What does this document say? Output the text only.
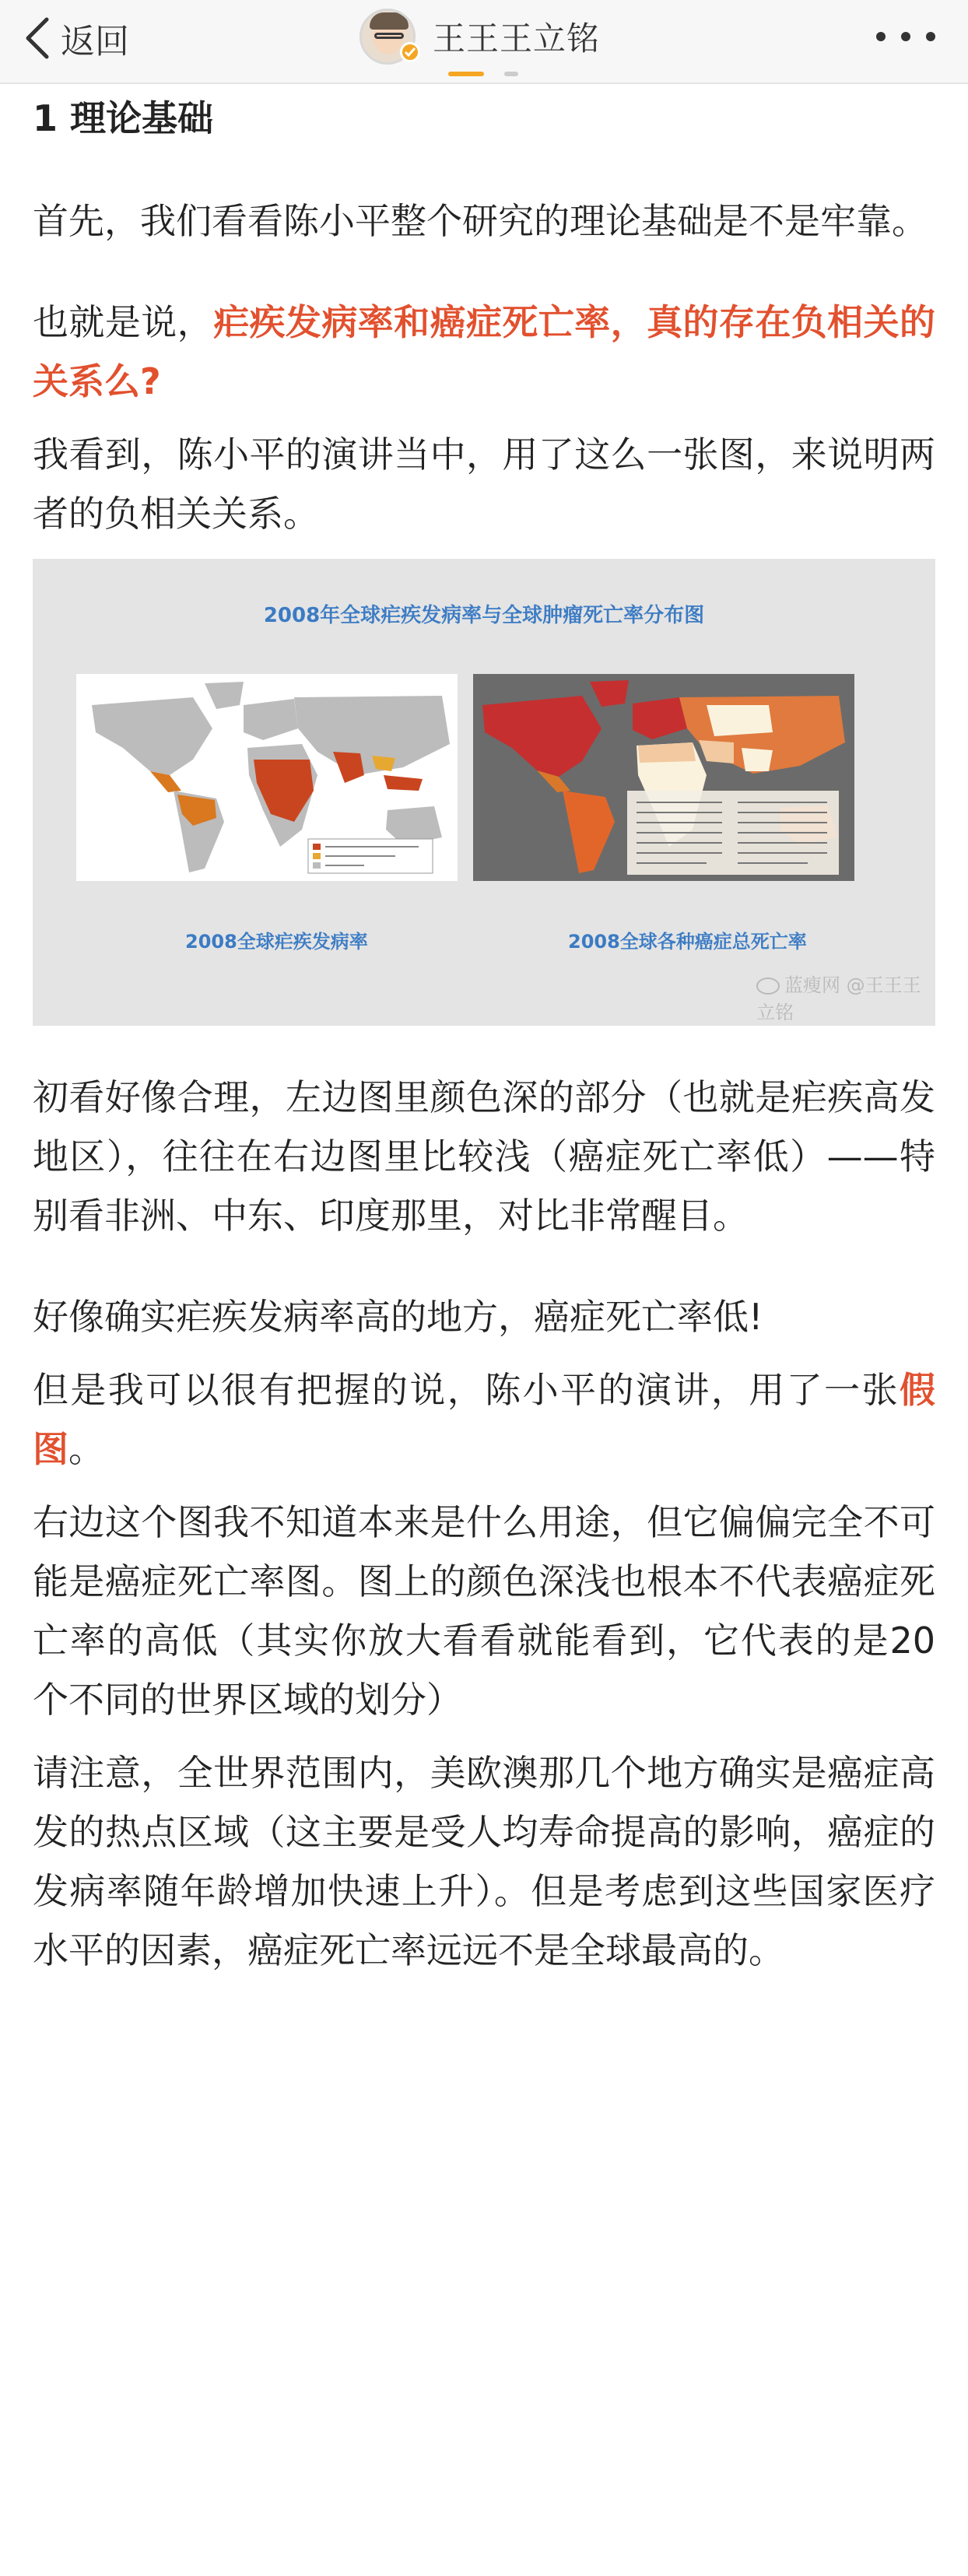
返回	王王王立铭
1 理论基础

首先，我们看看陈小平整个研究的理论基础是不是牢靠。

也就是说，疟疾发病率和癌症死亡率，真的存在负相关的关系么?

我看到，陈小平的演讲当中，用了这么一张图，来说明两者的负相关关系。

2008年全球疟疾发病率与全球肿瘤死亡率分布图
2008全球疟疾发病率	2008全球各种癌症总死亡率
蓝瘦网 @王王王立铭

初看好像合理，左边图里颜色深的部分（也就是疟疾高发地区），往往在右边图里比较浅（癌症死亡率低）——特别看非洲、中东、印度那里，对比非常醒目。

好像确实疟疾发病率高的地方，癌症死亡率低!

但是我可以很有把握的说，陈小平的演讲，用了一张假图。

右边这个图我不知道本来是什么用途，但它偏偏完全不可能是癌症死亡率图。图上的颜色深浅也根本不代表癌症死亡率的高低（其实你放大看看就能看到，它代表的是20个不同的世界区域的划分）

请注意，全世界范围内，美欧澳那几个地方确实是癌症高发的热点区域（这主要是受人均寿命提高的影响，癌症的发病率随年龄增加快速上升）。但是考虑到这些国家医疗水平的因素，癌症死亡率远远不是全球最高的。
